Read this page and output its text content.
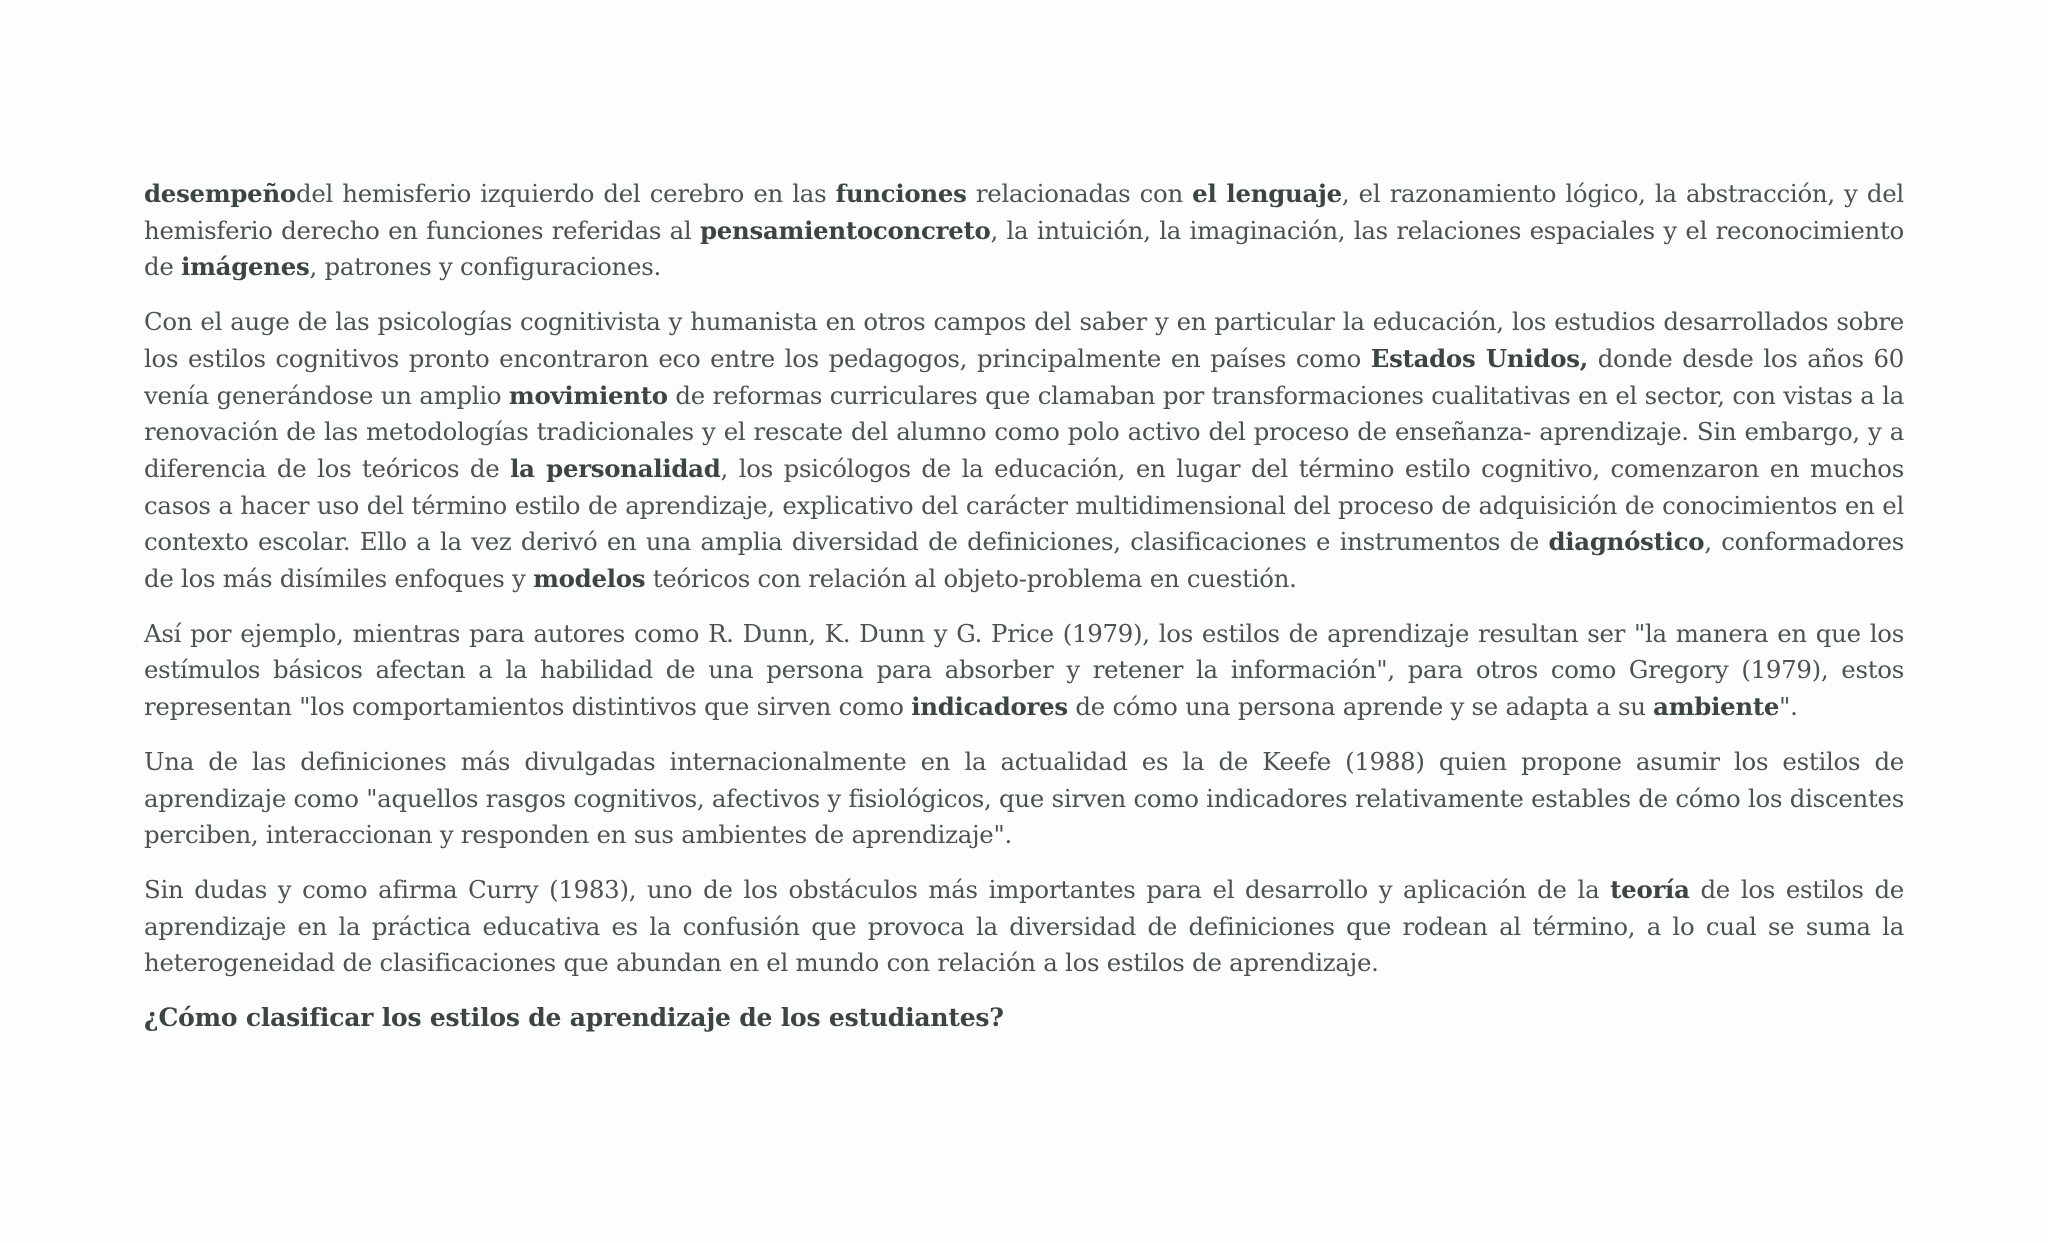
desempeñodel hemisferio izquierdo del cerebro en las funciones relacionadas con el lenguaje, el razonamiento lógico, la abstracción, y del hemisferio derecho en funciones referidas al pensamientoconcreto, la intuición, la imaginación, las relaciones espaciales y el reconocimiento de imágenes, patrones y configuraciones.

Con el auge de las psicologías cognitivista y humanista en otros campos del saber y en particular la educación, los estudios desarrollados sobre los estilos cognitivos pronto encontraron eco entre los pedagogos, principalmente en países como Estados Unidos, donde desde los años 60 venía generándose un amplio movimiento de reformas curriculares que clamaban por transformaciones cualitativas en el sector, con vistas a la renovación de las metodologías tradicionales y el rescate del alumno como polo activo del proceso de enseñanza- aprendizaje. Sin embargo, y a diferencia de los teóricos de la personalidad, los psicólogos de la educación, en lugar del término estilo cognitivo, comenzaron en muchos casos a hacer uso del término estilo de aprendizaje, explicativo del carácter multidimensional del proceso de adquisición de conocimientos en el contexto escolar. Ello a la vez derivó en una amplia diversidad de definiciones, clasificaciones e instrumentos de diagnóstico, conformadores de los más disímiles enfoques y modelos teóricos con relación al objeto-problema en cuestión.

Así por ejemplo, mientras para autores como R. Dunn, K. Dunn y G. Price (1979), los estilos de aprendizaje resultan ser "la manera en que los estímulos básicos afectan a la habilidad de una persona para absorber y retener la información", para otros como Gregory (1979), estos representan "los comportamientos distintivos que sirven como indicadores de cómo una persona aprende y se adapta a su ambiente".

Una de las definiciones más divulgadas internacionalmente en la actualidad es la de Keefe (1988) quien propone asumir los estilos de aprendizaje como "aquellos rasgos cognitivos, afectivos y fisiológicos, que sirven como indicadores relativamente estables de cómo los discentes perciben, interaccionan y responden en sus ambientes de aprendizaje".

Sin dudas y como afirma Curry (1983), uno de los obstáculos más importantes para el desarrollo y aplicación de la teoría de los estilos de aprendizaje en la práctica educativa es la confusión que provoca la diversidad de definiciones que rodean al término, a lo cual se suma la heterogeneidad de clasificaciones que abundan en el mundo con relación a los estilos de aprendizaje.

¿Cómo clasificar los estilos de aprendizaje de los estudiantes?
